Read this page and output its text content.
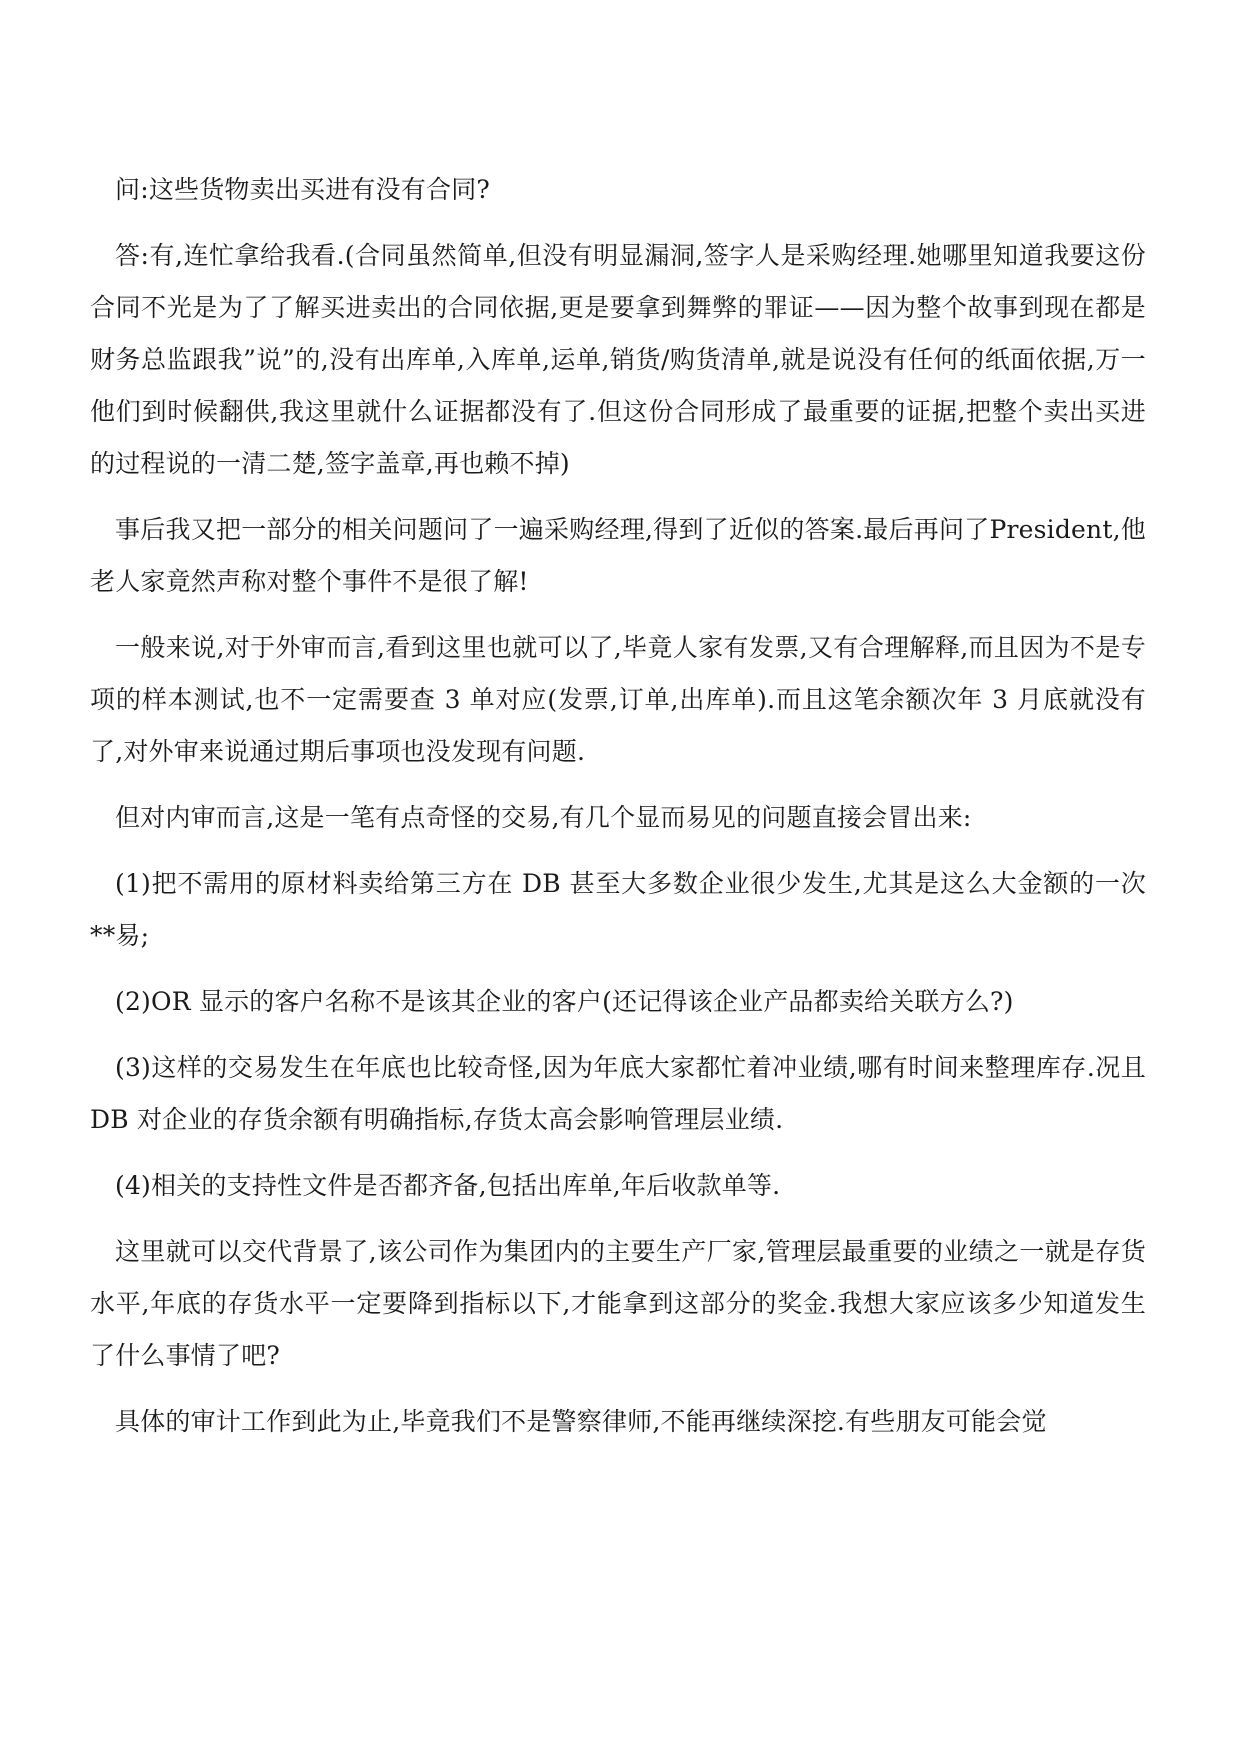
问:这些货物卖出买进有没有合同?

答:有,连忙拿给我看.(合同虽然简单,但没有明显漏洞,签字人是采购经理.她哪里知道我要这份合同不光是为了了解买进卖出的合同依据,更是要拿到舞弊的罪证——因为整个故事到现在都是财务总监跟我”说”的,没有出库单,入库单,运单,销货/购货清单,就是说没有任何的纸面依据,万一他们到时候翻供,我这里就什么证据都没有了.但这份合同形成了最重要的证据,把整个卖出买进的过程说的一清二楚,签字盖章,再也赖不掉)

事后我又把一部分的相关问题问了一遍采购经理,得到了近似的答案.最后再问了President,他老人家竟然声称对整个事件不是很了解!

一般来说,对于外审而言,看到这里也就可以了,毕竟人家有发票,又有合理解释,而且因为不是专项的样本测试,也不一定需要查 3 单对应(发票,订单,出库单).而且这笔余额次年 3 月底就没有了,对外审来说通过期后事项也没发现有问题.

但对内审而言,这是一笔有点奇怪的交易,有几个显而易见的问题直接会冒出来:

(1)把不需用的原材料卖给第三方在 DB 甚至大多数企业很少发生,尤其是这么大金额的一次**易;

(2)OR 显示的客户名称不是该其企业的客户(还记得该企业产品都卖给关联方么?)

(3)这样的交易发生在年底也比较奇怪,因为年底大家都忙着冲业绩,哪有时间来整理库存.况且 DB 对企业的存货余额有明确指标,存货太高会影响管理层业绩.

(4)相关的支持性文件是否都齐备,包括出库单,年后收款单等.

这里就可以交代背景了,该公司作为集团内的主要生产厂家,管理层最重要的业绩之一就是存货水平,年底的存货水平一定要降到指标以下,才能拿到这部分的奖金.我想大家应该多少知道发生了什么事情了吧?

具体的审计工作到此为止,毕竟我们不是警察律师,不能再继续深挖.有些朋友可能会觉
